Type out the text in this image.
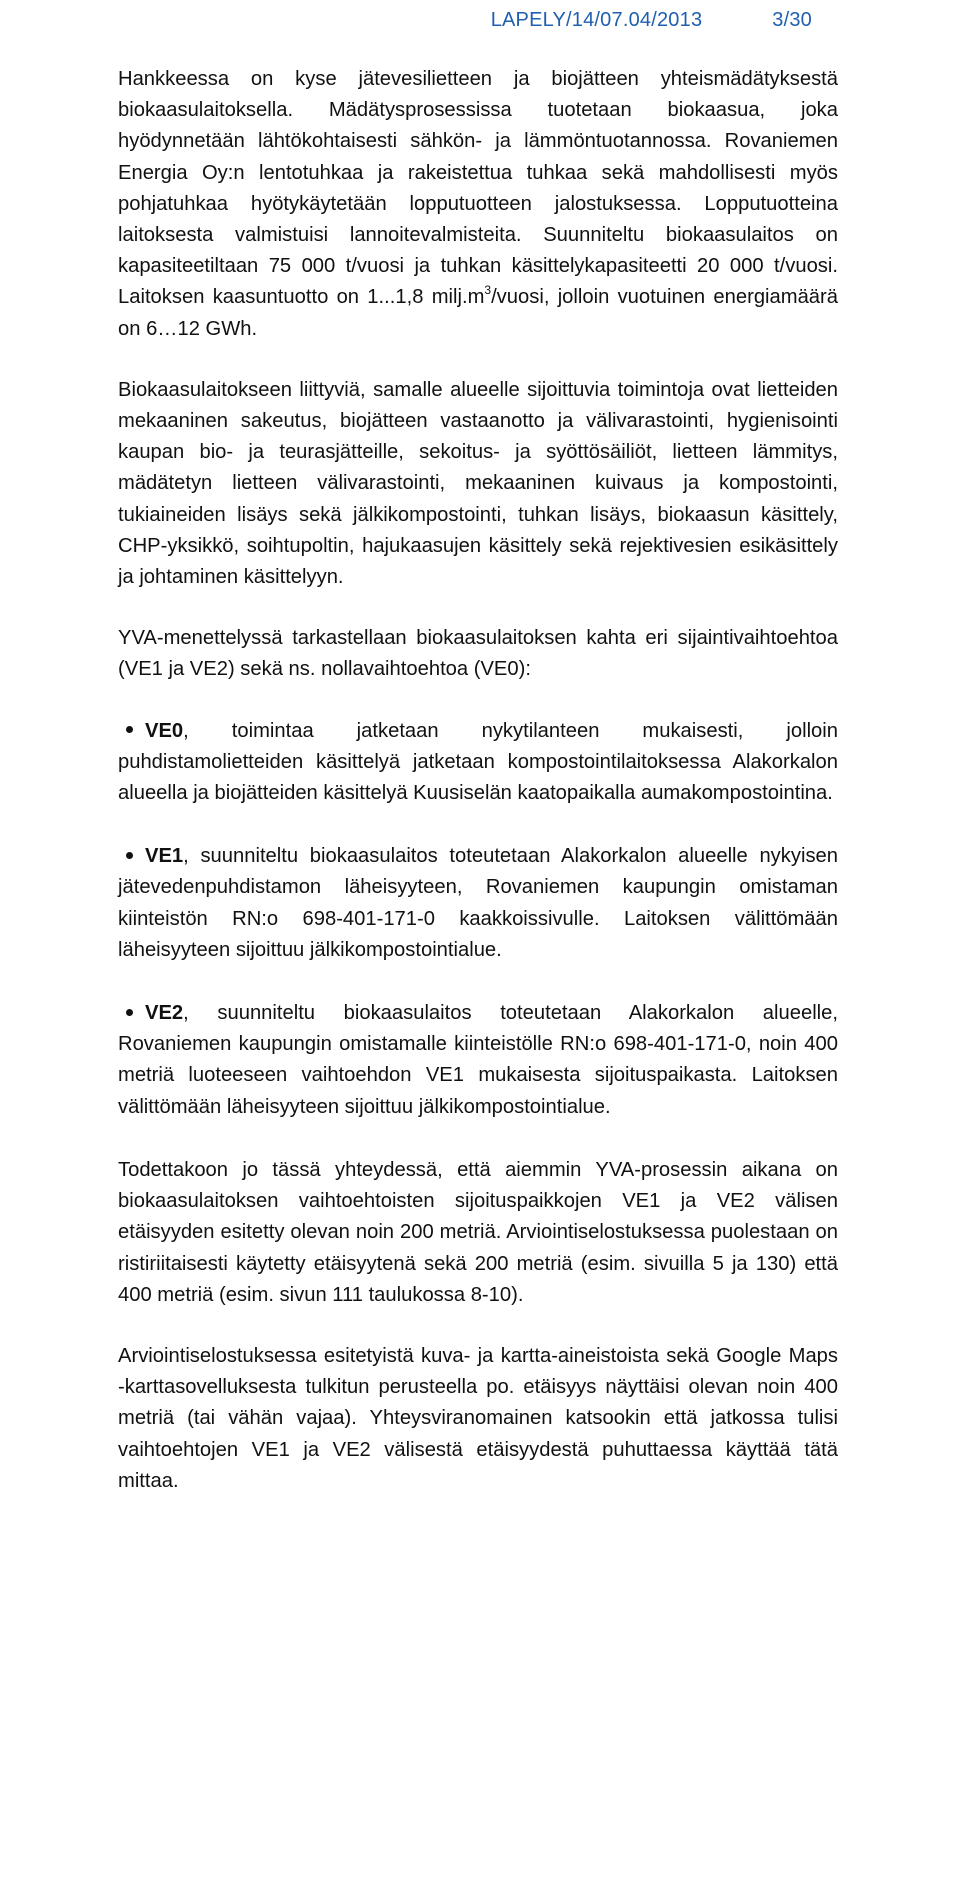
LAPELY/14/07.04/2013	3/30

Hankkeessa on kyse jätevesilietteen ja biojätteen yhteismädätyksestä biokaasulaitoksella. Mädätysprosessissa tuotetaan biokaasua, joka hyödynnetään lähtökohtaisesti sähkön- ja lämmöntuotannossa. Rovaniemen Energia Oy:n lentotuhkaa ja rakeistettua tuhkaa sekä mahdollisesti myös pohjatuhkaa hyötykäytetään lopputuotteen jalostuksessa. Lopputuotteina laitoksesta valmistuisi lannoitevalmisteita. Suunniteltu biokaasulaitos on kapasiteetiltaan 75 000 t/vuosi ja tuhkan käsittelykapasiteetti 20 000 t/vuosi. Laitoksen kaasuntuotto on 1...1,8 $milj.m^3$/vuosi, jolloin vuotuinen energiamäärä on 6…12 GWh.

Biokaasulaitokseen liittyviä, samalle alueelle sijoittuvia toimintoja ovat lietteiden mekaaninen sakeutus, biojätteen vastaanotto ja välivarastointi, hygienisointi kaupan bio- ja teurasjätteille, sekoitus- ja syöttösäiliöt, lietteen lämmitys, mädätetyn lietteen välivarastointi, mekaaninen kuivaus ja kompostointi, tukiaineiden lisäys sekä jälkikompostointi, tuhkan lisäys, biokaasun käsittely, CHP-yksikkö, soihtupoltin, hajukaasujen käsittely sekä rejektivesien esikäsittely ja johtaminen käsittelyyn.

YVA-menettelyssä tarkastellaan biokaasulaitoksen kahta eri sijaintivaihtoehtoa (VE1 ja VE2) sekä ns. nollavaihtoehtoa (VE0):

VE0, toimintaa jatketaan nykytilanteen mukaisesti, jolloin puhdistamolietteiden käsittelyä jatketaan kompostointilaitoksessa Alakorkalon alueella ja biojätteiden käsittelyä Kuusiselän kaatopaikalla aumakompostointina.
VE1, suunniteltu biokaasulaitos toteutetaan Alakorkalon alueelle nykyisen jätevedenpuhdistamon läheisyyteen, Rovaniemen kaupungin omistaman kiinteistön RN:o 698-401-171-0 kaakkoissivulle. Laitoksen välittömään läheisyyteen sijoittuu jälkikompostointialue.
VE2, suunniteltu biokaasulaitos toteutetaan Alakorkalon alueelle, Rovaniemen kaupungin omistamalle kiinteistölle RN:o 698-401-171-0, noin 400 metriä luoteeseen vaihtoehdon VE1 mukaisesta sijoituspaikasta. Laitoksen välittömään läheisyyteen sijoittuu jälkikompostointialue.

Todettakoon jo tässä yhteydessä, että aiemmin YVA-prosessin aikana on biokaasulaitoksen vaihtoehtoisten sijoituspaikkojen VE1 ja VE2 välisen etäisyyden esitetty olevan noin 200 metriä. Arviointiselostuksessa puolestaan on ristiriitaisesti käytetty etäisyytenä sekä 200 metriä (esim. sivuilla 5 ja 130) että 400 metriä (esim. sivun 111 taulukossa 8-10).

Arviointiselostuksessa esitetyistä kuva- ja kartta-aineistoista sekä Google Maps -karttasovelluksesta tulkitun perusteella po. etäisyys näyttäisi olevan noin 400 metriä (tai vähän vajaa). Yhteysviranomainen katsookin että jatkossa tulisi vaihtoehtojen VE1 ja VE2 välisestä etäisyydestä puhuttaessa käyttää tätä mittaa.
